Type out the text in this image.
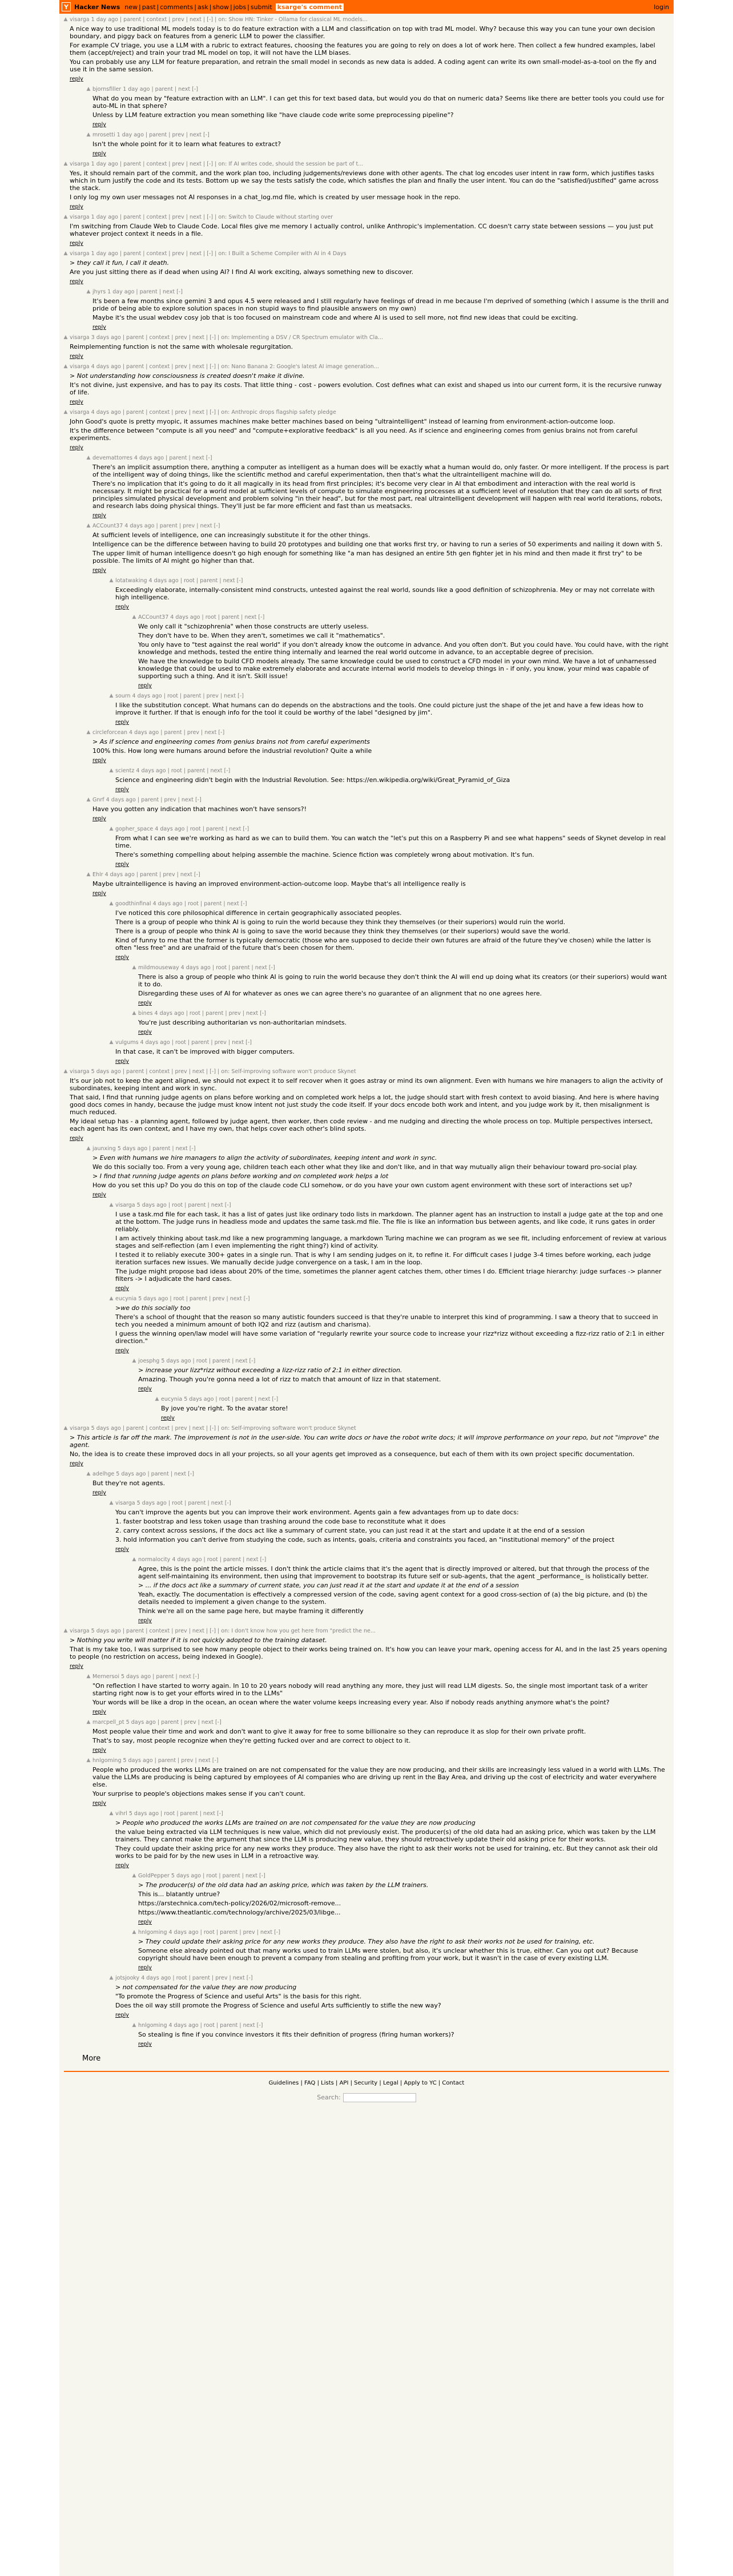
Y Hacker News new | past | comments | ask | show | jobs | submit ksarge's comment	login
▲ visarga 1 day ago | parent | context | prev | next | [-] | on: Show HN: Tinker - Ollama for classical ML models...
A nice way to use traditional ML models today is to do feature extraction with a LLM and classification on top with trad ML model. Why? because this way you can tune your own decision boundary, and piggy back on features from a generic LLM to power the classifier.
For example CV triage, you use a LLM with a rubric to extract features, choosing the features you are going to rely on does a lot of work here. Then collect a few hundred examples, label them (accept/reject) and train your trad ML model on top, it will not have the LLM biases.
You can probably use any LLM for feature preparation, and retrain the small model in seconds as new data is added. A coding agent can write its own small-model-as-a-tool on the fly and use it in the same session.
reply
▲ bjornsfiller 1 day ago | parent | next [-]
What do you mean by "feature extraction with an LLM". I can get this for text based data, but would you do that on numeric data? Seems like there are better tools you could use for auto-ML in that sphere?
Unless by LLM feature extraction you mean something like "have claude code write some preprocessing pipeline"?
reply
▲ mrosetti 1 day ago | parent | prev | next [-]
Isn't the whole point for it to learn what features to extract?
reply
▲ visarga 1 day ago | parent | context | prev | next | [-] | on: If AI writes code, should the session be part of t...
Yes, it should remain part of the commit, and the work plan too, including judgements/reviews done with other agents. The chat log encodes user intent in raw form, which justifies tasks which in turn justify the code and its tests. Bottom up we say the tests satisfy the code, which satisfies the plan and finally the user intent. You can do the "satisfied/justified" game across the stack.
I only log my own user messages not AI responses in a chat_log.md file, which is created by user message hook in the repo.
reply
▲ visarga 1 day ago | parent | context | prev | next | [-] | on: Switch to Claude without starting over
I'm switching from Claude Web to Claude Code. Local files give me memory I actually control, unlike Anthropic's implementation. CC doesn't carry state between sessions — you just put whatever project context it needs in a file.
reply
▲ visarga 1 day ago | parent | context | prev | next | [-] | on: I Built a Scheme Compiler with AI in 4 Days
> they call it fun, I call it death.
Are you just sitting there as if dead when using AI? I find AI work exciting, always something new to discover.
reply
▲ jhyrs 1 day ago | parent | next [-]
It's been a few months since gemini 3 and opus 4.5 were released and I still regularly have feelings of dread in me because I'm deprived of something (which I assume is the thrill and pride of being able to explore solution spaces in non stupid ways to find plausible answers on my own)
Maybe it's the usual webdev cosy job that is too focused on mainstream code and where AI is used to sell more, not find new ideas that could be exciting.
reply
▲ visarga 3 days ago | parent | context | prev | next | [-] | on: Implementing a DSV / CR Spectrum emulator with Cla...
Reimplementing function is not the same with wholesale regurgitation.
reply
▲ visarga 4 days ago | parent | context | prev | next | [-] | on: Nano Banana 2: Google's latest AI image generation...
> Not understanding how consciousness is created doesn't make it divine.
It's not divine, just expensive, and has to pay its costs. That little thing - cost - powers evolution. Cost defines what can exist and shaped us into our current form, it is the recursive runway of life.
reply
▲ visarga 4 days ago | parent | context | prev | next | [-] | on: Anthropic drops flagship safety pledge
John Good's quote is pretty myopic, it assumes machines make better machines based on being "ultraintelligent" instead of learning from environment-action-outcome loop.
It's the difference between "compute is all you need" and "compute+explorative feedback" is all you need. As if science and engineering comes from genius brains not from careful experiments.
reply
▲ devemattorres 4 days ago | parent | next [-]
There's an implicit assumption there, anything a computer as intelligent as a human does will be exactly what a human would do, only faster. Or more intelligent. If the process is part of the intelligent way of doing things, like the scientific method and careful experimentation, then that's what the ultraintelligent machine will do.
There's no implication that it's going to do it all magically in its head from first principles; it's become very clear in AI that embodiment and interaction with the real world is necessary. It might be practical for a world model at sufficient levels of compute to simulate engineering processes at a sufficient level of resolution that they can do all sorts of first principles simulated physical development and problem solving "in their head", but for the most part, real ultraintelligent development will happen with real world iterations, robots, and research labs doing physical things. They'll just be far more efficient and fast than us meatsacks.
reply
▲ ACCount37 4 days ago | parent | prev | next [-]
At sufficient levels of intelligence, one can increasingly substitute it for the other things.
Intelligence can be the difference between having to build 20 prototypes and building one that works first try, or having to run a series of 50 experiments and nailing it down with 5.
The upper limit of human intelligence doesn't go high enough for something like "a man has designed an entire 5th gen fighter jet in his mind and then made it first try" to be possible. The limits of AI might go higher than that.
reply
▲ lotatwaking 4 days ago | root | parent | next [-]
Exceedingly elaborate, internally-consistent mind constructs, untested against the real world, sounds like a good definition of schizophrenia. Mey or may not correlate with high intelligence.
reply
▲ ACCount37 4 days ago | root | parent | next [-]
We only call it "schizophrenia" when those constructs are utterly useless.
They don't have to be. When they aren't, sometimes we call it "mathematics".
You only have to "test against the real world" if you don't already know the outcome in advance. And you often don't. But you could have. You could have, with the right knowledge and methods, tested the entire thing internally and learned the real world outcome in advance, to an acceptable degree of precision.
We have the knowledge to build CFD models already. The same knowledge could be used to construct a CFD model in your own mind. We have a lot of unharnessed knowledge that could be used to make extremely elaborate and accurate internal world models to develop things in - if only, you know, your mind was capable of supporting such a thing. And it isn't. Skill issue!
reply
▲ sourn 4 days ago | root | parent | prev | next [-]
I like the substitution concept. What humans can do depends on the abstractions and the tools. One could picture just the shape of the jet and have a few ideas how to improve it further. If that is enough info for the tool it could be worthy of the label "designed by jim".
reply
▲ circleforcean 4 days ago | parent | prev | next [-]
> As if science and engineering comes from genius brains not from careful experiments
100% this. How long were humans around before the industrial revolution? Quite a while
reply
▲ scientz 4 days ago | root | parent | next [-]
Science and engineering didn't begin with the Industrial Revolution. See: https://en.wikipedia.org/wiki/Great_Pyramid_of_Giza
reply
▲ Gnrf 4 days ago | parent | prev | next [-]
Have you gotten any indication that machines won't have sensors?!
reply
▲ gopher_space 4 days ago | root | parent | next [-]
From what I can see we're working as hard as we can to build them. You can watch the "let's put this on a Raspberry Pi and see what happens" seeds of Skynet develop in real time.
There's something compelling about helping assemble the machine. Science fiction was completely wrong about motivation. It's fun.
reply
▲ Ehlr 4 days ago | parent | prev | next [-]
Maybe ultraintelligence is having an improved environment-action-outcome loop. Maybe that's all intelligence really is
reply
▲ goodthinfinal 4 days ago | root | parent | next [-]
I've noticed this core philosophical difference in certain geographically associated peoples.
There is a group of people who think AI is going to ruin the world because they think they themselves (or their superiors) would ruin the world.
There is a group of people who think AI is going to save the world because they think they themselves (or their superiors) would save the world.
Kind of funny to me that the former is typically democratic (those who are supposed to decide their own futures are afraid of the future they've chosen) while the latter is often "less free" and are unafraid of the future that's been chosen for them.
reply
▲ mildmouseway 4 days ago | root | parent | next [-]
There is also a group of people who think AI is going to ruin the world because they don't think the AI will end up doing what its creators (or their superiors) would want it to do.
Disregarding these uses of AI for whatever as ones we can agree there's no guarantee of an alignment that no one agrees here.
reply
▲ bines 4 days ago | root | parent | prev | next [-]
You're just describing authoritarian vs non-authoritarian mindsets.
reply
▲ vulgums 4 days ago | root | parent | prev | next [-]
In that case, it can't be improved with bigger computers.
reply
▲ visarga 5 days ago | parent | context | prev | next | [-] | on: Self-improving software won't produce Skynet
It's our job not to keep the agent aligned, we should not expect it to self recover when it goes astray or mind its own alignment. Even with humans we hire managers to align the activity of subordinates, keeping intent and work in sync.
That said, I find that running judge agents on plans before working and on completed work helps a lot, the judge should start with fresh context to avoid biasing. And here is where having good docs comes in handy, because the judge must know intent not just study the code itself. If your docs encode both work and intent, and you judge work by it, then misalignment is much reduced.
My ideal setup has - a planning agent, followed by judge agent, then worker, then code review - and me nudging and directing the whole process on top. Multiple perspectives intersect, each agent has its own context, and I have my own, that helps cover each other's blind spots.
reply
▲ jaunxing 5 days ago | parent | next [-]
> Even with humans we hire managers to align the activity of subordinates, keeping intent and work in sync.
We do this socially too. From a very young age, children teach each other what they like and don't like, and in that way mutually align their behaviour toward pro-social play.
> I find that running judge agents on plans before working and on completed work helps a lot
How do you set this up? Do you do this on top of the claude code CLI somehow, or do you have your own custom agent environment with these sort of interactions set up?
reply
▲ visarga 5 days ago | root | parent | next [-]
I use a task.md file for each task, it has a list of gates just like ordinary todo lists in markdown. The planner agent has an instruction to install a judge gate at the top and one at the bottom. The judge runs in headless mode and updates the same task.md file. The file is like an information bus between agents, and like code, it runs gates in order reliably.
I am actively thinking about task.md like a new programming language, a markdown Turing machine we can program as we see fit, including enforcement of review at various stages and self-reflection (am I even implementing the right thing?) kind of activity.
I tested it to reliably execute 300+ gates in a single run. That is why I am sending judges on it, to refine it. For difficult cases I judge 3-4 times before working, each judge iteration surfaces new issues. We manually decide judge convergence on a task, I am in the loop.
The judge might propose bad ideas about 20% of the time, sometimes the planner agent catches them, other times I do. Efficient triage hierarchy: judge surfaces -> planner filters -> I adjudicate the hard cases.
reply
▲ eucynia 5 days ago | root | parent | prev | next [-]
>we do this socially too
There's a school of thought that the reason so many autistic founders succeed is that they're unable to interpret this kind of programming. I saw a theory that to succeed in tech you needed a minimum amount of both IQ2 and rizz (autism and charisma).
I guess the winning open/law model will have some variation of "regularly rewrite your source code to increase your rizz*rizz without exceeding a fizz-rizz ratio of 2:1 in either direction."
reply
▲ joesphg 5 days ago | root | parent | next [-]
> increase your Iizz*rizz without exceeding a Iizz-rizz ratio of 2:1 in either direction.
Amazing. Though you're gonna need a lot of rizz to match that amount of Iizz in that statement.
reply
▲ eucynia 5 days ago | root | parent | next [-]
By jove you're right. To the avatar store!
reply
▲ visarga 5 days ago | parent | context | prev | next | [-] | on: Self-improving software won't produce Skynet
> This article is far off the mark. The improvement is not in the user-side. You can write docs or have the robot write docs; it will improve performance on your repo, but not "improve" the agent.
No, the idea is to create these improved docs in all your projects, so all your agents get improved as a consequence, but each of them with its own project specific documentation.
reply
▲ adelhge 5 days ago | parent | next [-]
But they're not agents.
reply
▲ visarga 5 days ago | root | parent | next [-]
You can't improve the agents but you can improve their work environment. Agents gain a few advantages from up to date docs:
1. faster bootstrap and less token usage than trashing around the code base to reconstitute what it does
2. carry context across sessions, if the docs act like a summary of current state, you can just read it at the start and update it at the end of a session
3. hold information you can't derive from studying the code, such as intents, goals, criteria and constraints you faced, an "institutional memory" of the project
reply
▲ normalocity 4 days ago | root | parent | next [-]
Agree, this is the point the article misses. I don't think the article claims that it's the agent that is directly improved or altered, but that through the process of the agent self-maintaining its environment, then using that improvement to bootstrap its future self or sub-agents, that the agent _performance_ is holistically better.
> ... if the docs act like a summary of current state, you can just read it at the start and update it at the end of a session
Yeah, exactly. The documentation is effectively a compressed version of the code, saving agent context for a good cross-section of (a) the big picture, and (b) the details needed to implement a given change to the system.
Think we're all on the same page here, but maybe framing it differently
reply
▲ visarga 5 days ago | parent | context | prev | next | [-] | on: I don't know how you get here from "predict the ne...
> Nothing you write will matter if it is not quickly adopted to the training dataset.
That is my take too, I was surprised to see how many people object to their works being trained on. It's how you can leave your mark, opening access for AI, and in the last 25 years opening to people (no restriction on access, being indexed in Google).
reply
▲ Mernersoi 5 days ago | parent | next [-]
"On reflection I have started to worry again. In 10 to 20 years nobody will read anything any more, they just will read LLM digests. So, the single most important task of a writer starting right now is to get your efforts wired in to the LLMs"
Your words will be like a drop in the ocean, an ocean where the water volume keeps increasing every year. Also if nobody reads anything anymore what's the point?
reply
▲ marcpell_pt 5 days ago | parent | prev | next [-]
Most people value their time and work and don't want to give it away for free to some billionaire so they can reproduce it as slop for their own private profit.
That's to say, most people recognize when they're getting fucked over and are correct to object to it.
reply
▲ hnlgoming 5 days ago | parent | prev | next [-]
People who produced the works LLMs are trained on are not compensated for the value they are now producing, and their skills are increasingly less valued in a world with LLMs. The value the LLMs are producing is being captured by employees of AI companies who are driving up rent in the Bay Area, and driving up the cost of electricity and water everywhere else.
Your surprise to people's objections makes sense if you can't count.
reply
▲ vihrl 5 days ago | root | parent | next [-]
> People who produced the works LLMs are trained on are not compensated for the value they are now producing
the value being extracted via LLM techniques is new value, which did not previously exist. The producer(s) of the old data had an asking price, which was taken by the LLM trainers. They cannot make the argument that since the LLM is producing new value, they should retroactively update their old asking price for their works.
They could update their asking price for any new works they produce. They also have the right to ask their works not be used for training, etc. But they cannot ask their old works to be paid for by the new uses in LLM in a retroactive way.
reply
▲ GoldPepper 5 days ago | root | parent | next [-]
> The producer(s) of the old data had an asking price, which was taken by the LLM trainers.
This is... blatantly untrue?
https://arstechnica.com/tech-policy/2026/02/microsoft-remove...
https://www.theatlantic.com/technology/archive/2025/03/libge...
reply
▲ hnlgoming 4 days ago | root | parent | prev | next [-]
> They could update their asking price for any new works they produce. They also have the right to ask their works not be used for training, etc.
Someone else already pointed out that many works used to train LLMs were stolen, but also, it's unclear whether this is true, either. Can you opt out? Because copyright should have been enough to prevent a company from stealing and profiting from your work, but it wasn't in the case of every existing LLM.
reply
▲ jotsjooky 4 days ago | root | parent | prev | next [-]
> not compensated for the value they are now producing
"To promote the Progress of Science and useful Arts" is the basis for this right.
Does the oil way still promote the Progress of Science and useful Arts sufficiently to stifle the new way?
reply
▲ hnlgoming 4 days ago | root | parent | next [-]
So stealing is fine if you convince investors it fits their definition of progress (firing human workers)?
reply
More
Guidelines | FAQ | Lists | API | Security | Legal | Apply to YC | Contact
Search:
